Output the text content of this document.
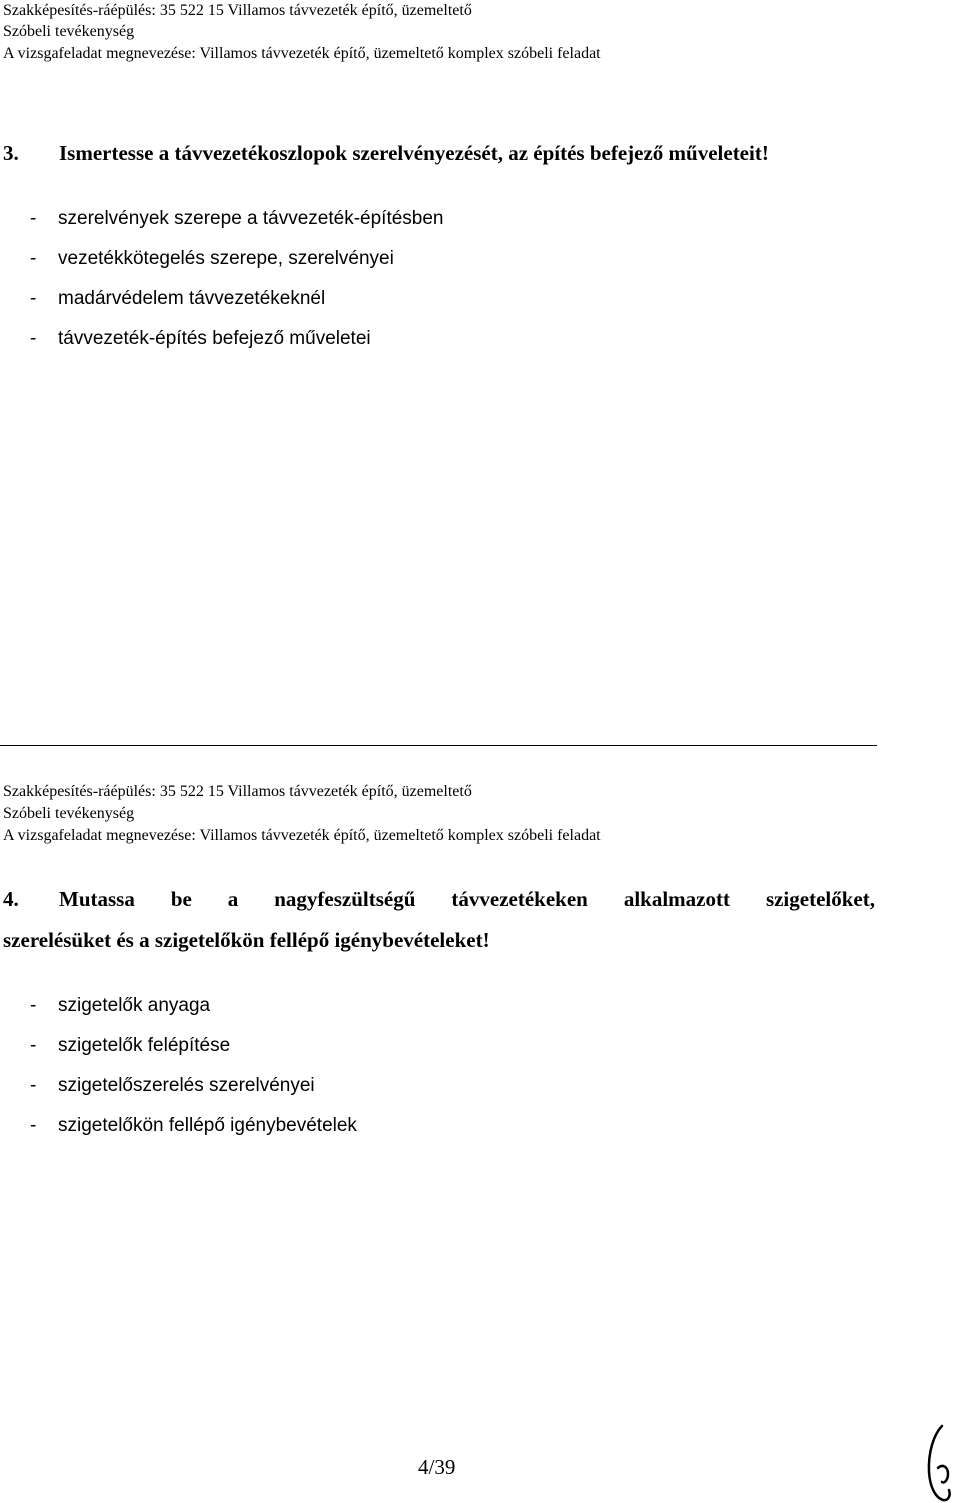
Szakképesítés-ráépülés: 35 522 15 Villamos távvezeték építő, üzemeltető
Szóbeli tevékenység
A vizsgafeladat megnevezése: Villamos távvezeték építő, üzemeltető komplex szóbeli feladat
3. Ismertesse a távvezetékoszlopok szerelvényezését, az építés befejező műveleteit!
- szerelvények szerepe a távvezeték-építésben
- vezetékkötegelés szerepe, szerelvényei
- madárvédelem távvezetékeknél
- távvezeték-építés befejező műveletei
Szakképesítés-ráépülés: 35 522 15 Villamos távvezeték építő, üzemeltető
Szóbeli tevékenység
A vizsgafeladat megnevezése: Villamos távvezeték építő, üzemeltető komplex szóbeli feladat
4. Mutassa be a nagyfeszültségű távvezetékeken alkalmazott szigetelőket,
szerelésüket és a szigetelőkön fellépő igénybevételeket!
- szigetelők anyaga
- szigetelők felépítése
- szigetelőszerelés szerelvényei
- szigetelőkön fellépő igénybevételek
4/39
